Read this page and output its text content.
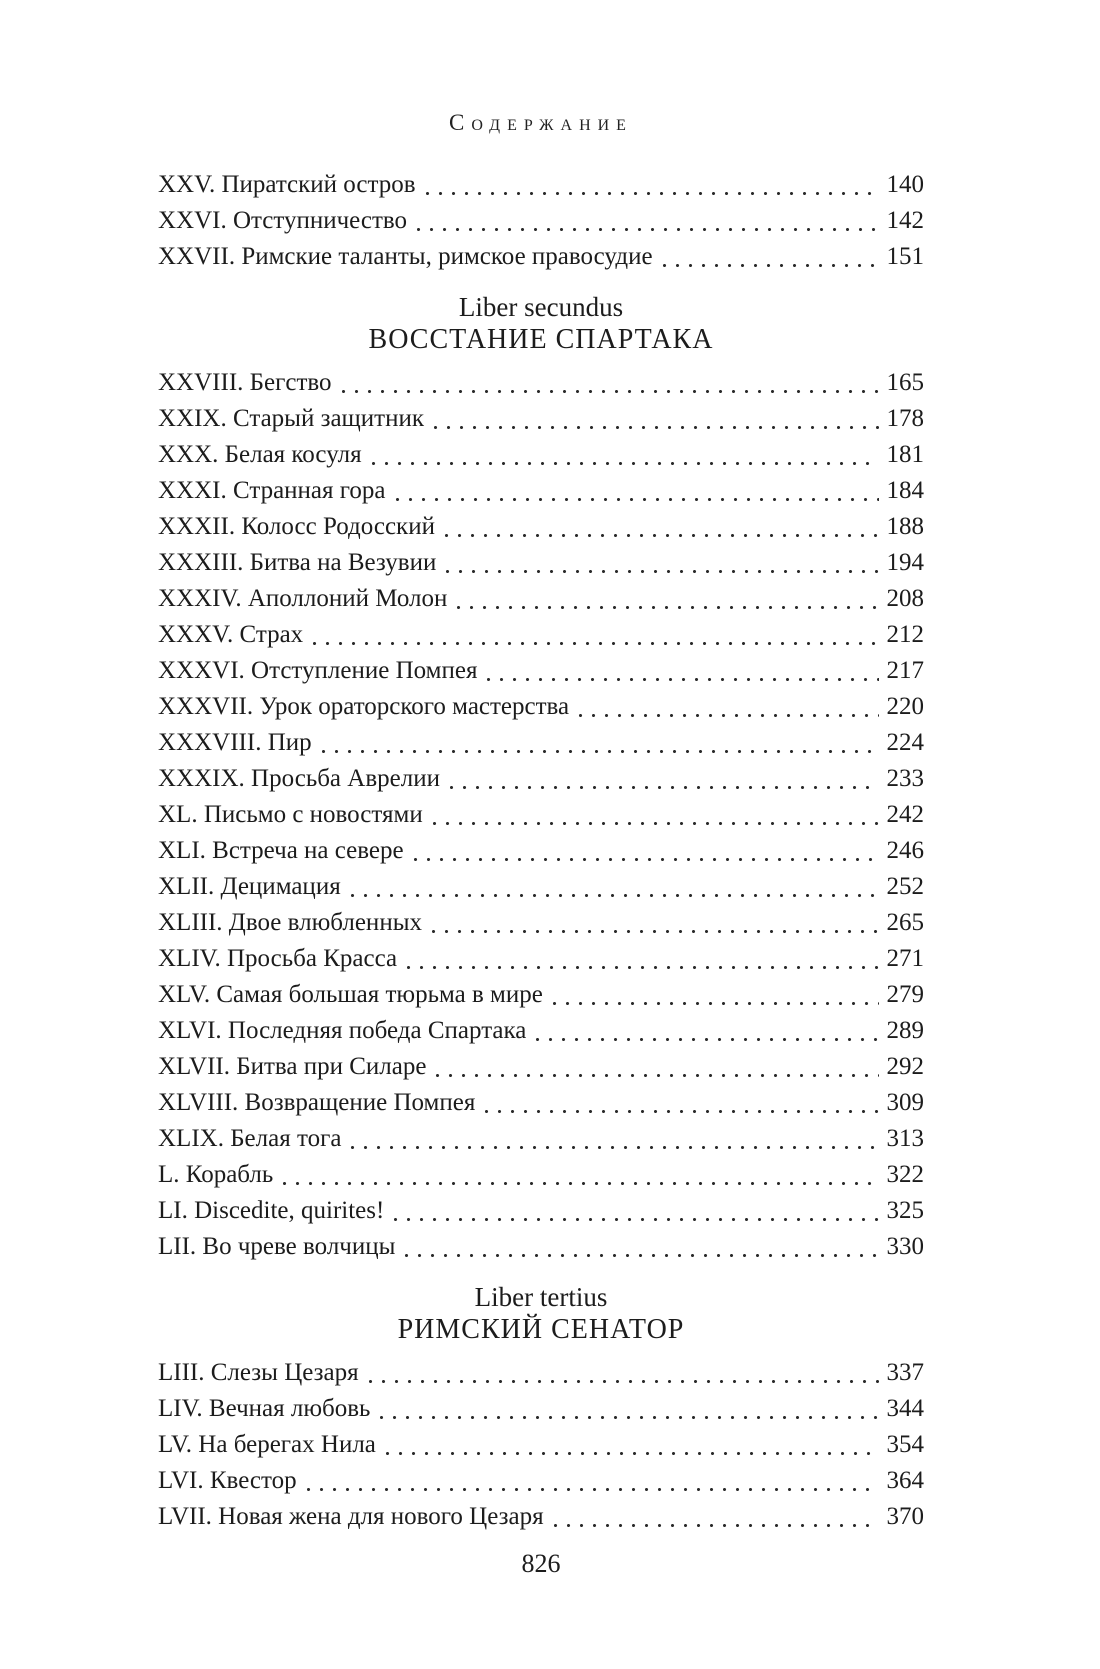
СОДЕРЖАНИЕ
XXV. Пиратский остров	140
XXVI. Отступничество	142
XXVII. Римские таланты, римское правосудие	151
Liber secundus
ВОССТАНИЕ СПАРТАКА
XXVIII. Бегство	165
XXIX. Старый защитник	178
XXX. Белая косуля	181
XXXI. Странная гора	184
XXXII. Колосс Родосский	188
XXXIII. Битва на Везувии	194
XXXIV. Аполлоний Молон	208
XXXV. Страх	212
XXXVI. Отступление Помпея	217
XXXVII. Урок ораторского мастерства	220
XXXVIII. Пир	224
XXXIX. Просьба Аврелии	233
XL. Письмо с новостями	242
XLI. Встреча на севере	246
XLII. Децимация	252
XLIII. Двое влюбленных	265
XLIV. Просьба Красса	271
XLV. Самая большая тюрьма в мире	279
XLVI. Последняя победа Спартака	289
XLVII. Битва при Силаре	292
XLVIII. Возвращение Помпея	309
XLIX. Белая тога	313
L. Корабль	322
LI. Discedite, quirites!	325
LII. Во чреве волчицы	330
Liber tertius
РИМСКИЙ СЕНАТОР
LIII. Слезы Цезаря	337
LIV. Вечная любовь	344
LV. На берегах Нила	354
LVI. Квестор	364
LVII. Новая жена для нового Цезаря	370
826
